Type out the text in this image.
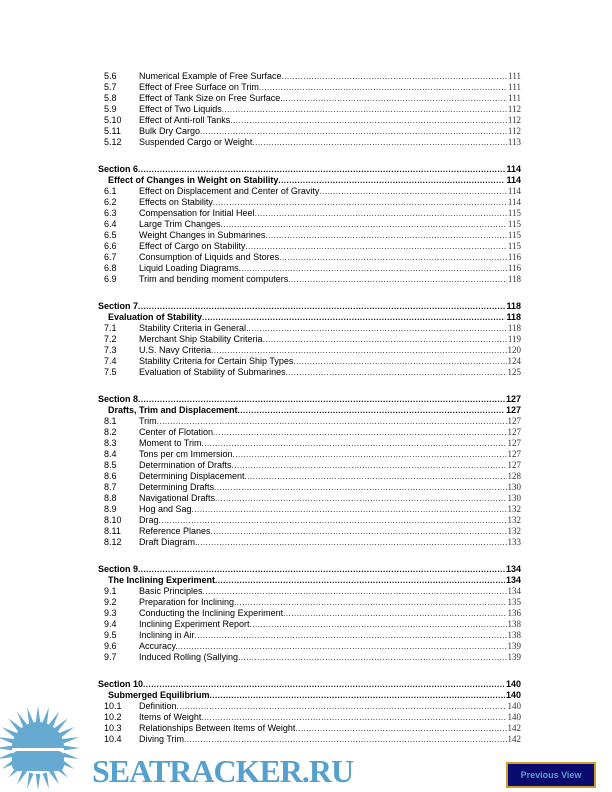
5.6	Numerical Example of Free Surface .....	111
5.7	Effect of Free Surface on Trim .....	111
5.8	Effect of Tank Size on Free Surface. .....	111
5.9	Effect of Two Liquids .....	112
5.10	Effect of Anti-roll Tanks .....	112
5.11	Bulk Dry Cargo .....	112
5.12	Suspended Cargo or Weight .....	113
Section 6 .....	114
Effect of Changes in Weight on Stability .....	114
6.1	Effect on Displacement and Center of Gravity .....	114
6.2	Effects on Stability .....	114
6.3	Compensation for Initial Heel .....	115
6.4	Large Trim Changes .....	115
6.5	Weight Changes in Submarines .....	115
6.6	Effect of Cargo on Stability .....	115
6.7	Consumption of Liquids and Stores .....	116
6.8	Liquid Loading Diagrams .....	116
6.9	Trim and bending moment computers .....	118
Section 7 .....	118
Evaluation of Stability .....	118
7.1	Stability Criteria in General. .....	118
7.2	Merchant Ship Stability Criteria .....	119
7.3	U.S. Navy Criteria .....	120
7.4	Stability Criteria for Certain Ship Types .....	124
7.5	Evaluation of Stability of Submarines .....	125
Section 8 .....	127
Drafts, Trim and Displacement .....	127
8.1	Trim .....	127
8.2	Center of Flotation .....	127
8.3	Moment to Trim .....	127
8.4	Tons per cm Immersion .....	127
8.5	Determination of Drafts .....	127
8.6	Determining Displacement .....	128
8.7	Determining Drafts .....	130
8.8	Navigational Drafts .....	130
8.9	Hog and Sag .....	132
8.10	Drag .....	132
8.11	Reference Planes .....	132
8.12	Draft Diagram. .....	133
Section 9 .....	134
The Inclining Experiment .....	134
9.1	Basic Principles .....	134
9.2	Preparation for Inclining .....	135
9.3	Conducting the Inclining Experiment .....	136
9.4	Inclining Experiment Report .....	138
9.5	Inclining in Air .....	138
9.6	Accuracy. .....	139
9.7	Induced Rolling (Sallying .....	139
Section 10 .....	140
Submerged Equilibrium .....	140
10.1	Definition .....	140
10.2	Items of Weight .....	140
10.3	Relationships Between Items of Weight .....	142
10.4	Diving Trim .....	142
SEATRACKER.RU	Previous View
